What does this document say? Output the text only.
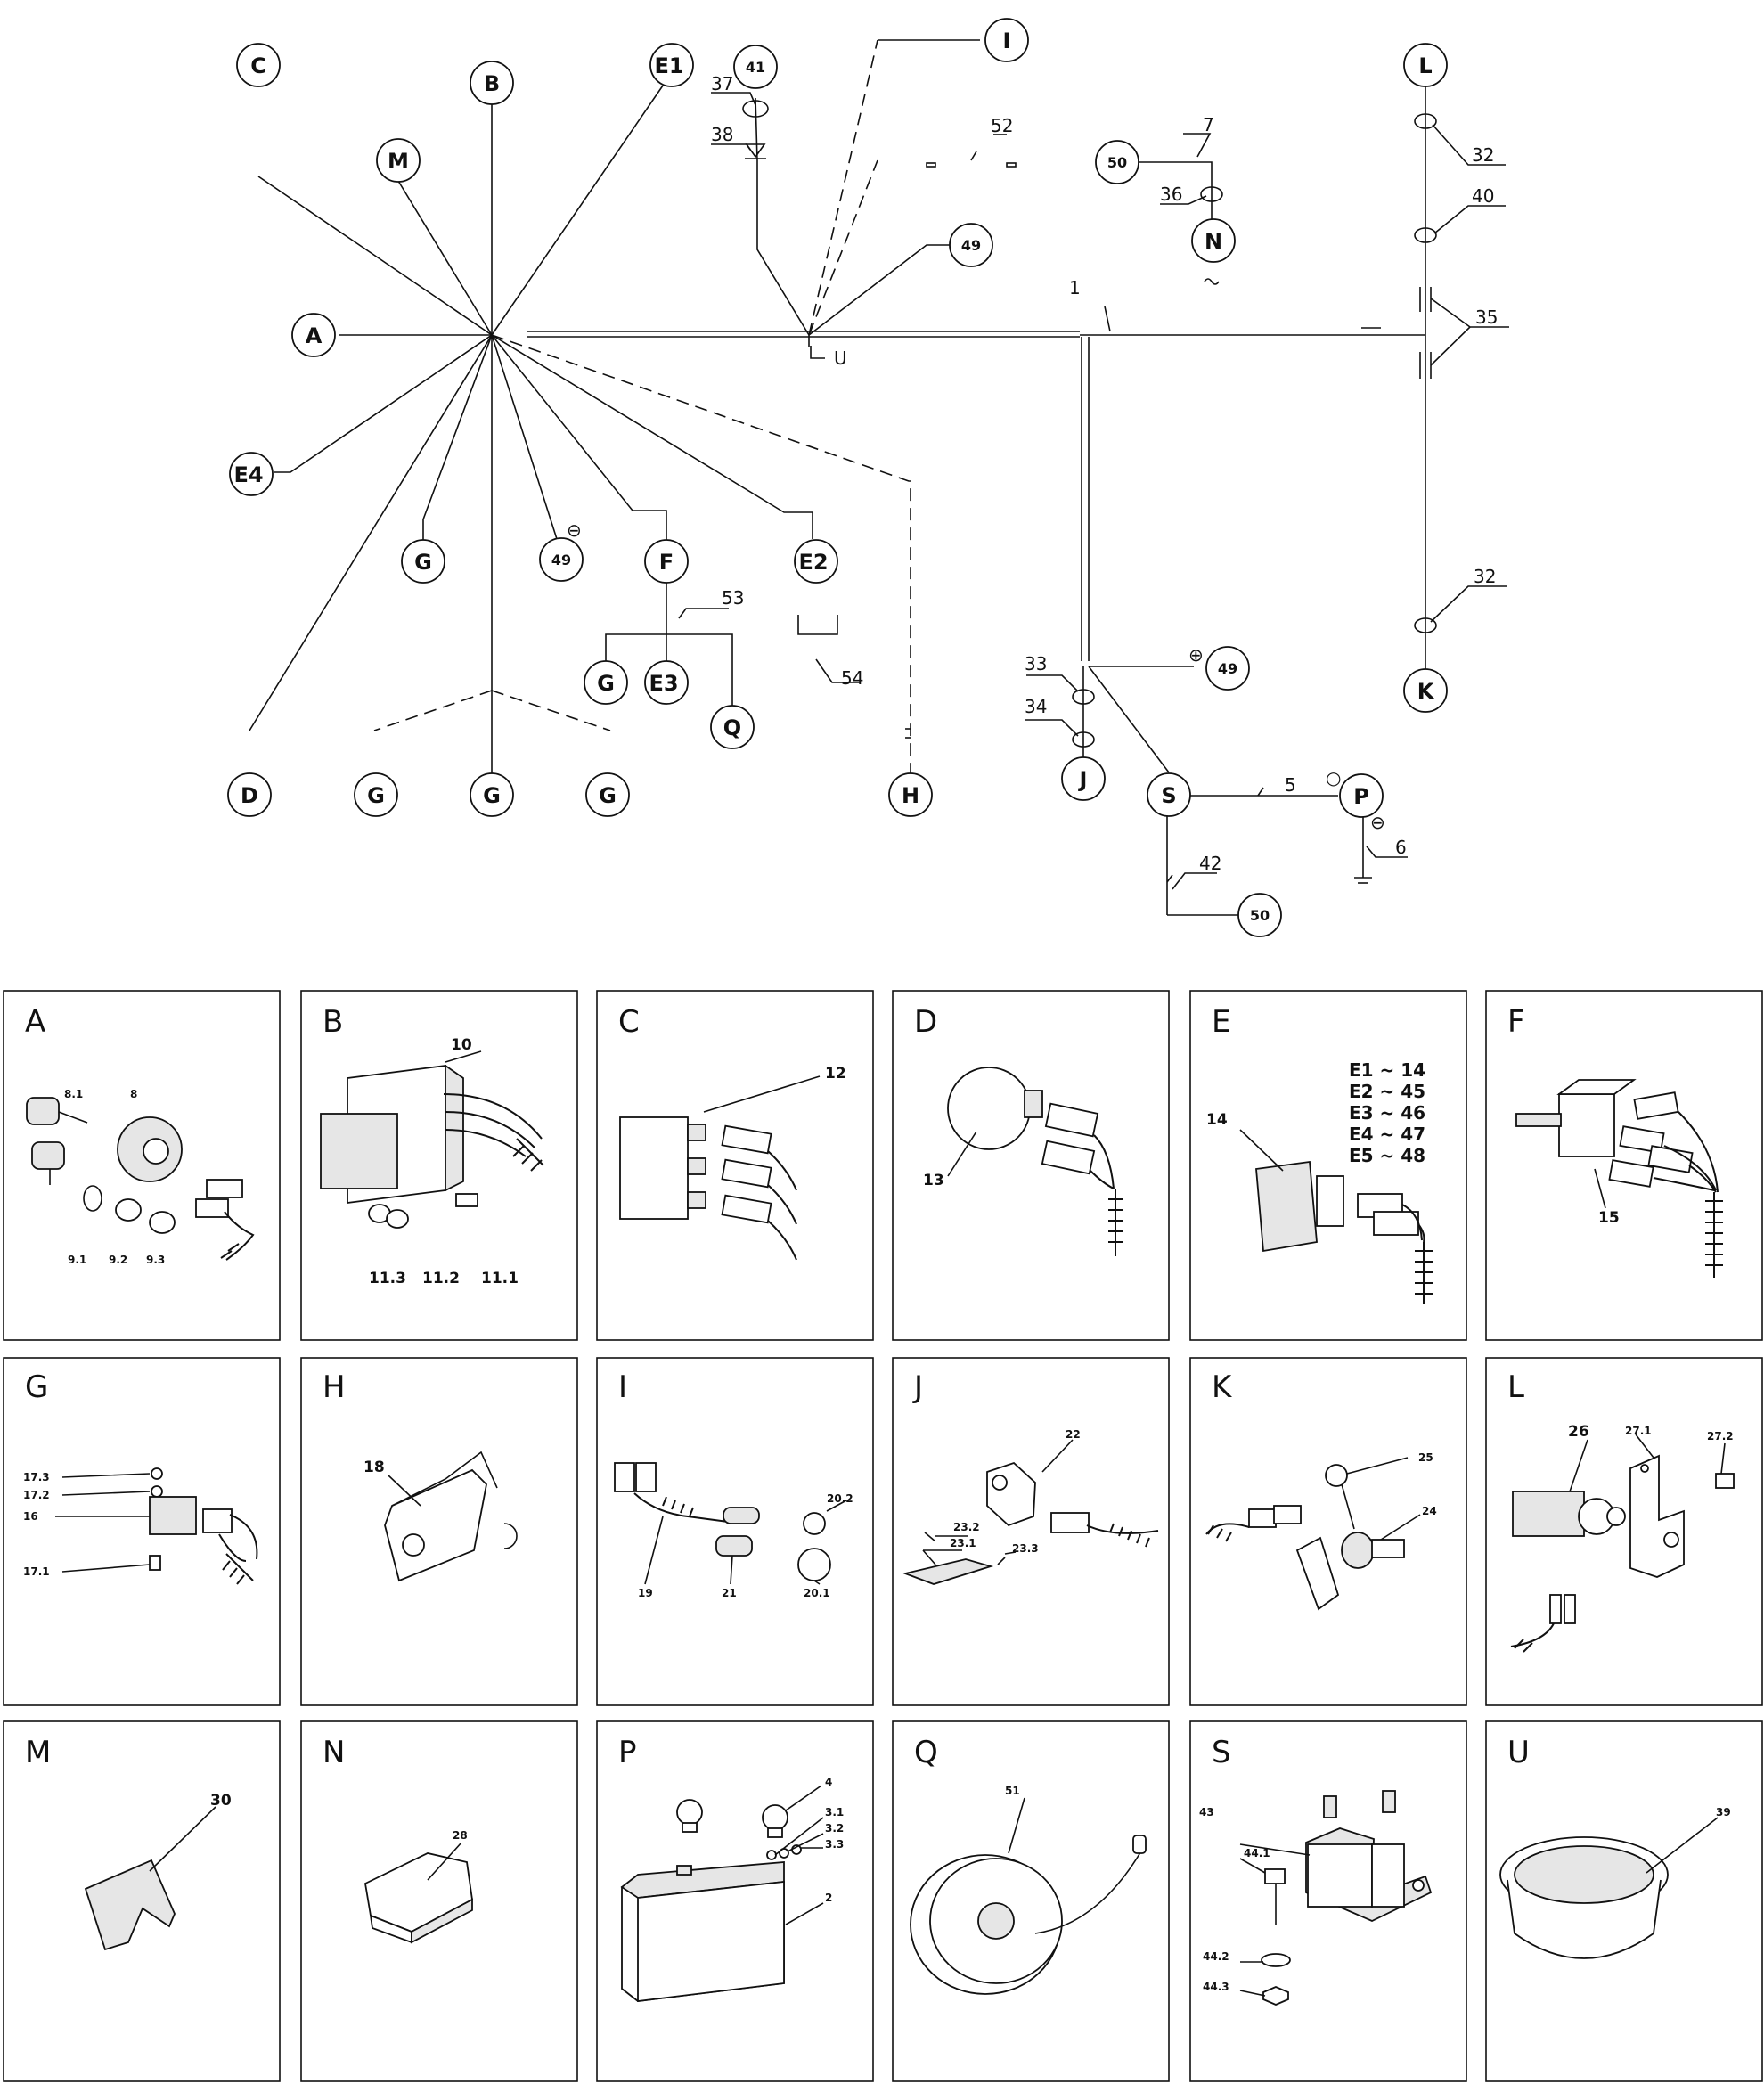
37
38	52	7
36
32
40
35
32
53
54
33
34
5
6
42
1
C
B
M
E1
A
E4
G	49
⊖
F	E2
G E3
Q
D	G	G	G	H
41
I
49
50
N
U
L
K
49
⊕
J
S	P
○
⊖
50
A
8.1	8
9.1 9.2 9.3
B
10
11.3 11.2 11.1
C
12
D
13
E
14
E1 ~ 14
E2 ~ 45
E3 ~ 46
E4 ~ 47
E5 ~ 48
F
15
G
17.3
17.2
16
17.1
H
18
I
19	21
20.2
20.1
J
22
23.2
23.1	23.3
K
25
24
L
26	27.1	27.2
M
30
N
28
P
4
3.1
3.2
3.3
2
Q
51
S
43
44.1
44.2
44.3
U
39
